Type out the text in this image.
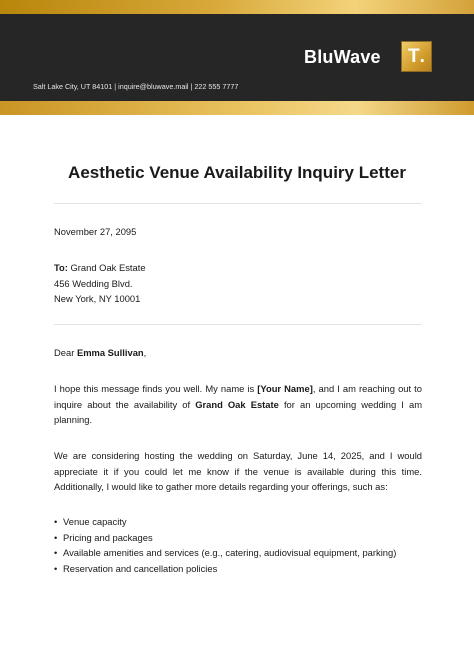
BluWave T .
Salt Lake City, UT 84101 | inquire@bluwave.mail | 222 555 7777
Aesthetic Venue Availability Inquiry Letter
November 27, 2095
To: Grand Oak Estate
456 Wedding Blvd.
New York, NY 10001
Dear Emma Sullivan,
I hope this message finds you well. My name is [Your Name], and I am reaching out to inquire about the availability of Grand Oak Estate for an upcoming wedding I am planning.
We are considering hosting the wedding on Saturday, June 14, 2025, and I would appreciate it if you could let me know if the venue is available during this time. Additionally, I would like to gather more details regarding your offerings, such as:
• Venue capacity
• Pricing and packages
• Available amenities and services (e.g., catering, audiovisual equipment, parking)
• Reservation and cancellation policies
